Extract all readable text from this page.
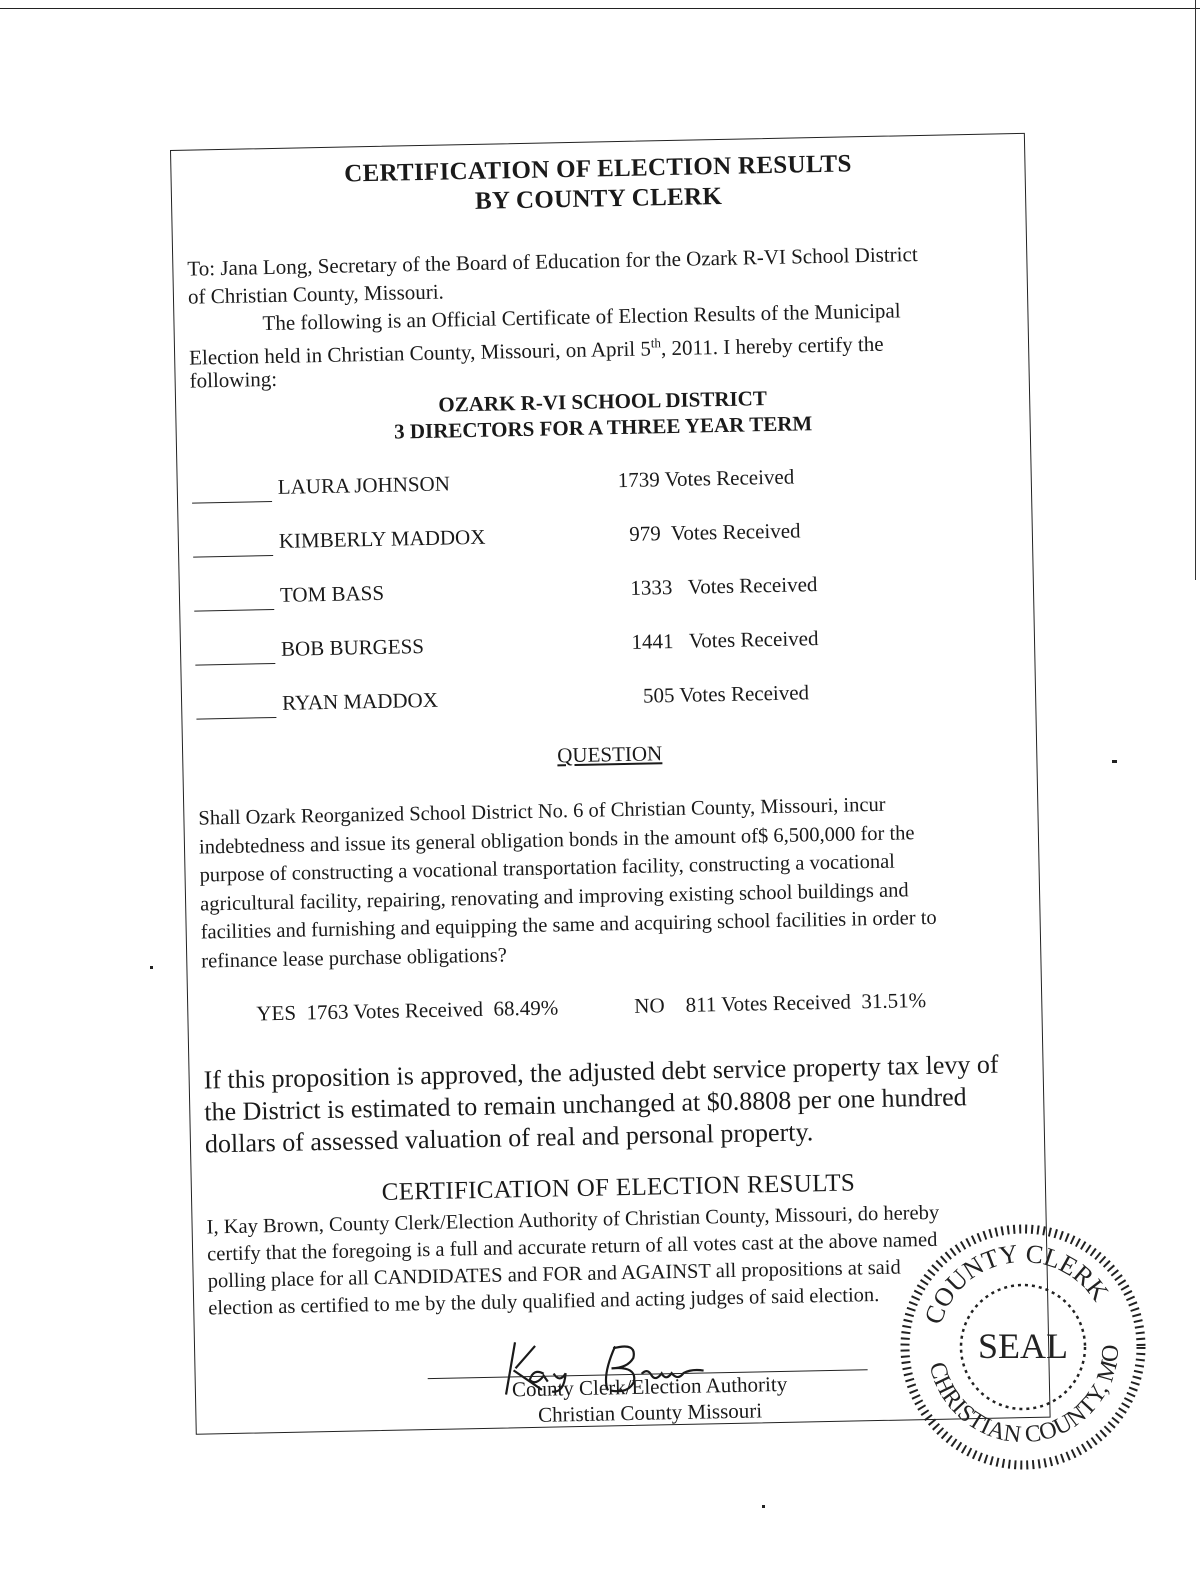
CERTIFICATION OF ELECTION RESULTS
BY COUNTY CLERK
To: Jana Long, Secretary of the Board of Education for the Ozark R-VI School District
of Christian County, Missouri.
The following is an Official Certificate of Election Results of the Municipal
Election held in Christian County, Missouri, on April 5th, 2011. I hereby certify the
following:
OZARK R-VI SCHOOL DISTRICT
3 DIRECTORS FOR A THREE YEAR TERM
LAURA JOHNSON	1739 Votes Received
KIMBERLY MADDOX	979  Votes Received
TOM BASS	1333   Votes Received
BOB BURGESS	1441   Votes Received
RYAN MADDOX	505 Votes Received
QUESTION
Shall Ozark Reorganized School District No. 6 of Christian County, Missouri, incur
indebtedness and issue its general obligation bonds in the amount of$ 6,500,000 for the
purpose of constructing a vocational transportation facility, constructing a vocational
agricultural facility, repairing, renovating and improving existing school buildings and
facilities and furnishing and equipping the same and acquiring school facilities in order to
refinance lease purchase obligations?
YES  1763 Votes Received  68.49%	NO    811 Votes Received  31.51%
If this proposition is approved, the adjusted debt service property tax levy of
the District is estimated to remain unchanged at $0.8808 per one hundred
dollars of assessed valuation of real and personal property.
CERTIFICATION OF ELECTION RESULTS
I, Kay Brown, County Clerk/Election Authority of Christian County, Missouri, do hereby
certify that the foregoing is a full and accurate return of all votes cast at the above named
polling place for all CANDIDATES and FOR and AGAINST all propositions at said
election as certified to me by the duly qualified and acting judges of said election.
County Clerk/Election Authority
Christian County Missouri
COUNTY CLERK
CHRISTIAN COUNTY, MO
SEAL
